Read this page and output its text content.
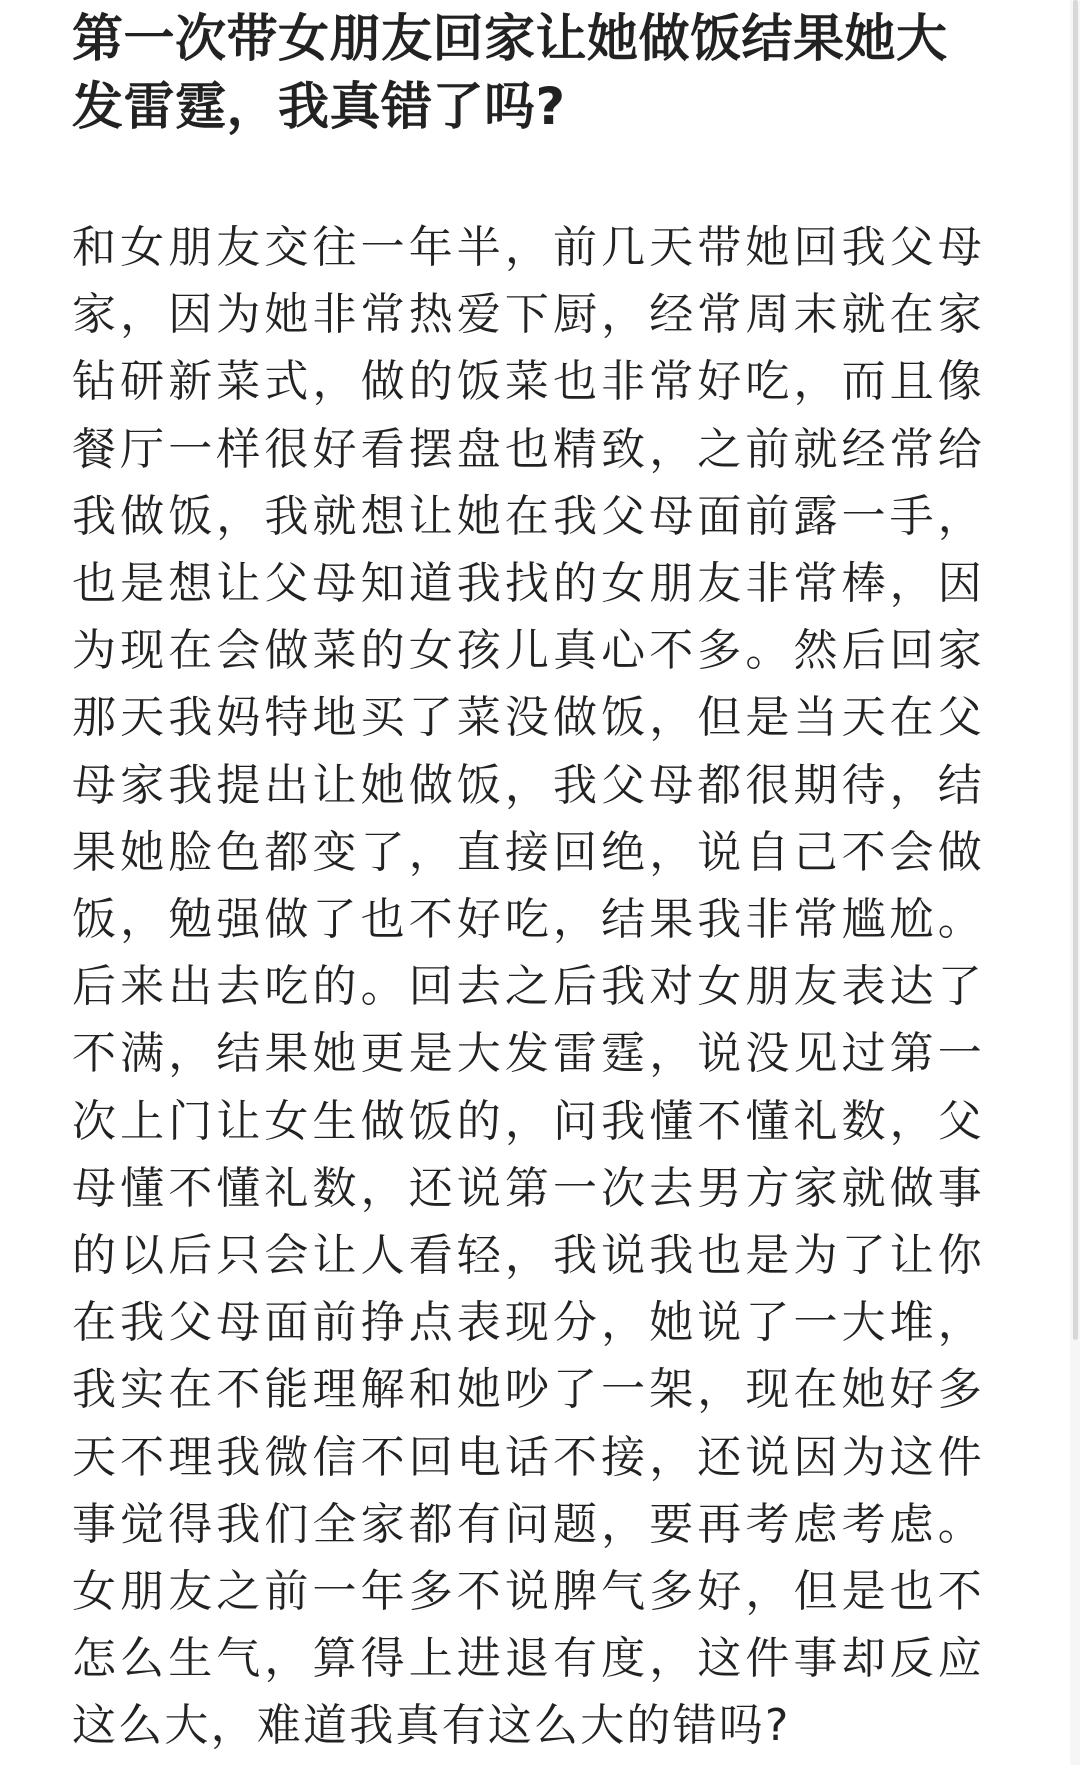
第一次带女朋友回家让她做饭结果她大发雷霆，我真错了吗?

和女朋友交往一年半，前几天带她回我父母家，因为她非常热爱下厨，经常周末就在家钻研新菜式，做的饭菜也非常好吃，而且像餐厅一样很好看摆盘也精致，之前就经常给我做饭，我就想让她在我父母面前露一手，也是想让父母知道我找的女朋友非常棒，因为现在会做菜的女孩儿真心不多。然后回家那天我妈特地买了菜没做饭，但是当天在父母家我提出让她做饭，我父母都很期待，结果她脸色都变了，直接回绝，说自己不会做饭，勉强做了也不好吃，结果我非常尴尬。后来出去吃的。回去之后我对女朋友表达了不满，结果她更是大发雷霆，说没见过第一次上门让女生做饭的，问我懂不懂礼数，父母懂不懂礼数，还说第一次去男方家就做事的以后只会让人看轻，我说我也是为了让你在我父母面前挣点表现分，她说了一大堆，我实在不能理解和她吵了一架，现在她好多天不理我微信不回电话不接，还说因为这件事觉得我们全家都有问题，要再考虑考虑。女朋友之前一年多不说脾气多好，但是也不怎么生气，算得上进退有度，这件事却反应这么大，难道我真有这么大的错吗?
